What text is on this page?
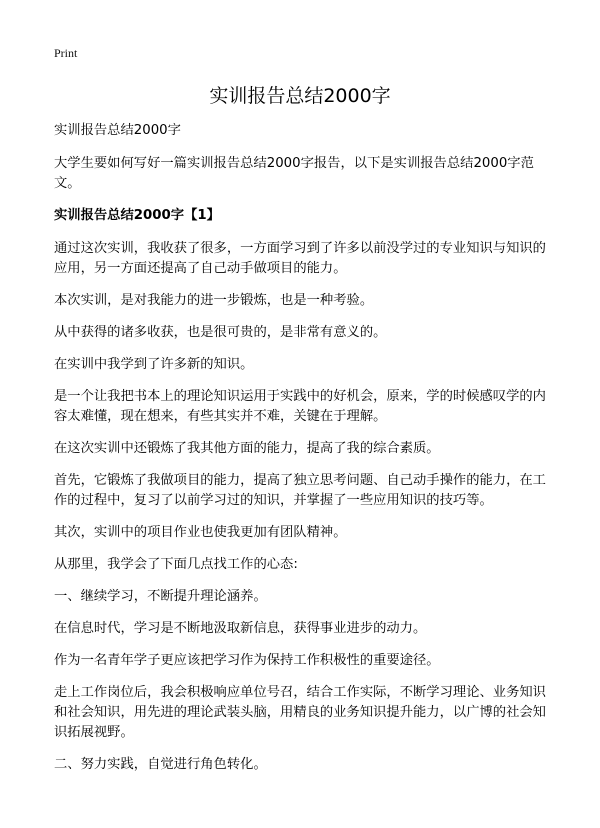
Print
实训报告总结2000字

实训报告总结2000字

大学生要如何写好一篇实训报告总结2000字报告，以下是实训报告总结2000字范文。

实训报告总结2000字【1】

通过这次实训，我收获了很多，一方面学习到了许多以前没学过的专业知识与知识的应用，另一方面还提高了自己动手做项目的能力。

本次实训，是对我能力的进一步锻炼，也是一种考验。

从中获得的诸多收获，也是很可贵的，是非常有意义的。

在实训中我学到了许多新的知识。

是一个让我把书本上的理论知识运用于实践中的好机会，原来，学的时候感叹学的内容太难懂，现在想来，有些其实并不难，关键在于理解。

在这次实训中还锻炼了我其他方面的能力，提高了我的综合素质。

首先，它锻炼了我做项目的能力，提高了独立思考问题、自己动手操作的能力，在工作的过程中，复习了以前学习过的知识，并掌握了一些应用知识的技巧等。

其次，实训中的项目作业也使我更加有团队精神。

从那里，我学会了下面几点找工作的心态:

一、继续学习，不断提升理论涵养。

在信息时代，学习是不断地汲取新信息，获得事业进步的动力。

作为一名青年学子更应该把学习作为保持工作积极性的重要途径。

走上工作岗位后，我会积极响应单位号召，结合工作实际，不断学习理论、业务知识和社会知识，用先进的理论武装头脑，用精良的业务知识提升能力，以广博的社会知识拓展视野。

二、努力实践，自觉进行角色转化。
